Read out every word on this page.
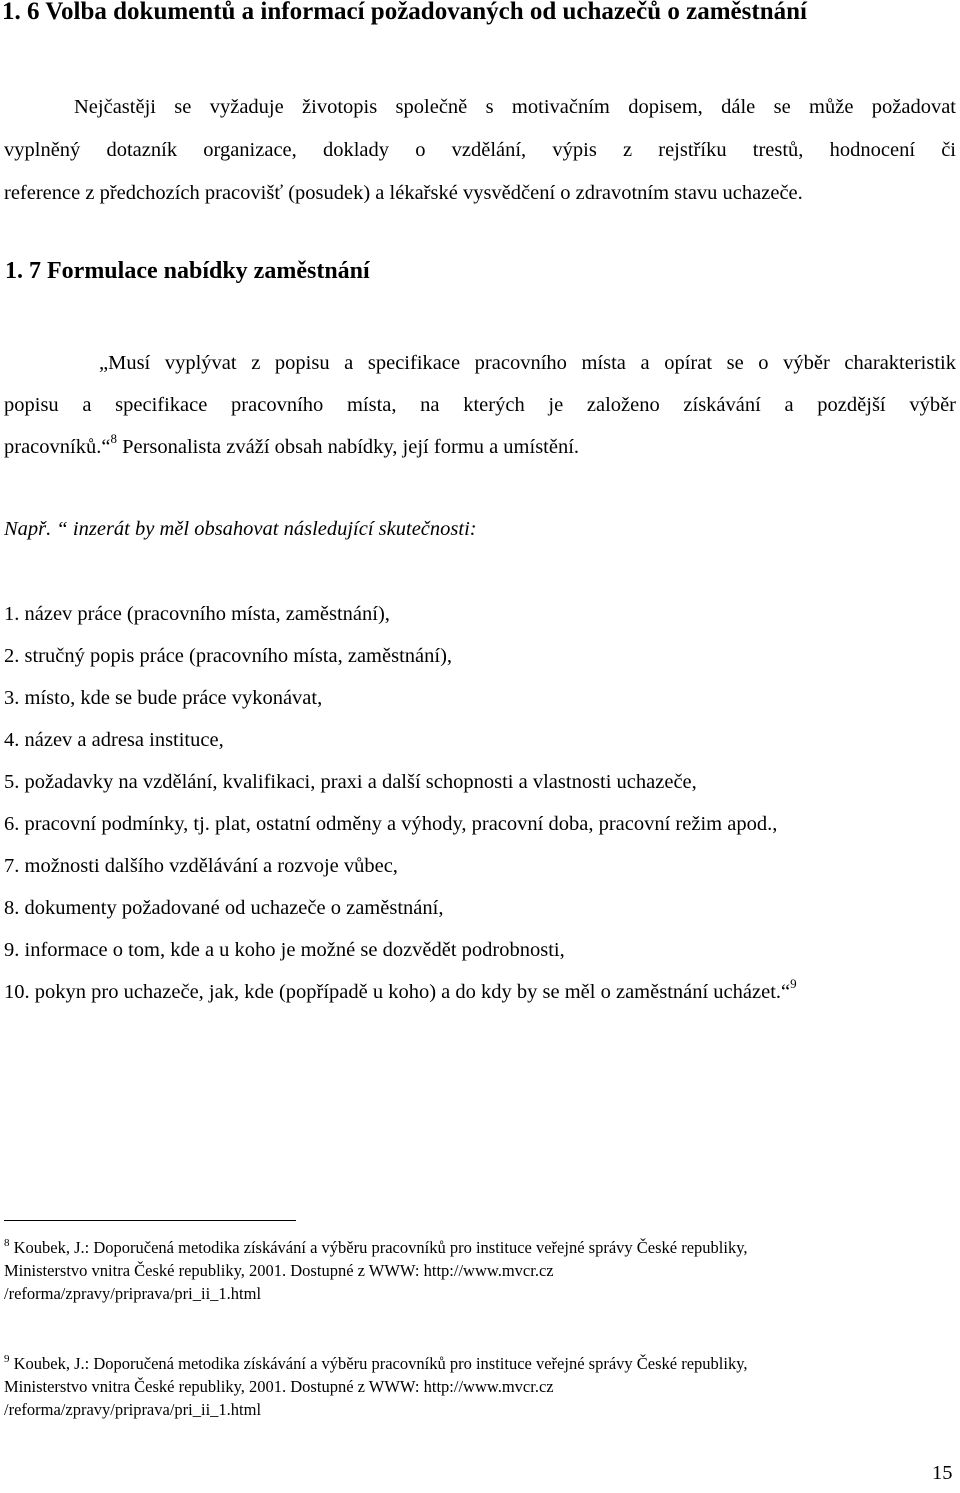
1. 6 Volba dokumentů a informací požadovaných od uchazečů o zaměstnání
Nejčastěji se vyžaduje životopis společně s motivačním dopisem, dále se může požadovat
vyplněný dotazník organizace, doklady o vzdělání, výpis z rejstříku trestů, hodnocení či
reference z předchozích pracovišť (posudek) a lékařské vysvědčení o zdravotním stavu uchazeče.
1. 7 Formulace nabídky zaměstnání
„Musí vyplývat z popisu a specifikace pracovního místa a opírat se o výběr charakteristik
popisu a specifikace pracovního místa, na kterých je založeno získávání a pozdější výběr
pracovníků.“$^8$ Personalista zváží obsah nabídky, její formu a umístění.
Např. “ inzerát by měl obsahovat následující skutečnosti:
1. název práce (pracovního místa, zaměstnání),
2. stručný popis práce (pracovního místa, zaměstnání),
3. místo, kde se bude práce vykonávat,
4. název a adresa instituce,
5. požadavky na vzdělání, kvalifikaci, praxi a další schopnosti a vlastnosti uchazeče,
6. pracovní podmínky, tj. plat, ostatní odměny a výhody, pracovní doba, pracovní režim apod.,
7. možnosti dalšího vzdělávání a rozvoje vůbec,
8. dokumenty požadované od uchazeče o zaměstnání,
9. informace o tom, kde a u koho je možné se dozvědět podrobnosti,
10. pokyn pro uchazeče, jak, kde (popřípadě u koho) a do kdy by se měl o zaměstnání ucházet.“$^9$
$^8$ Koubek, J.: Doporučená metodika získávání a výběru pracovníků pro instituce veřejné správy České republiky,
Ministerstvo vnitra České republiky, 2001. Dostupné z WWW: http://www.mvcr.cz
/reforma/zpravy/priprava/pri_ii_1.html
$^9$ Koubek, J.: Doporučená metodika získávání a výběru pracovníků pro instituce veřejné správy České republiky,
Ministerstvo vnitra České republiky, 2001. Dostupné z WWW: http://www.mvcr.cz
/reforma/zpravy/priprava/pri_ii_1.html
15
